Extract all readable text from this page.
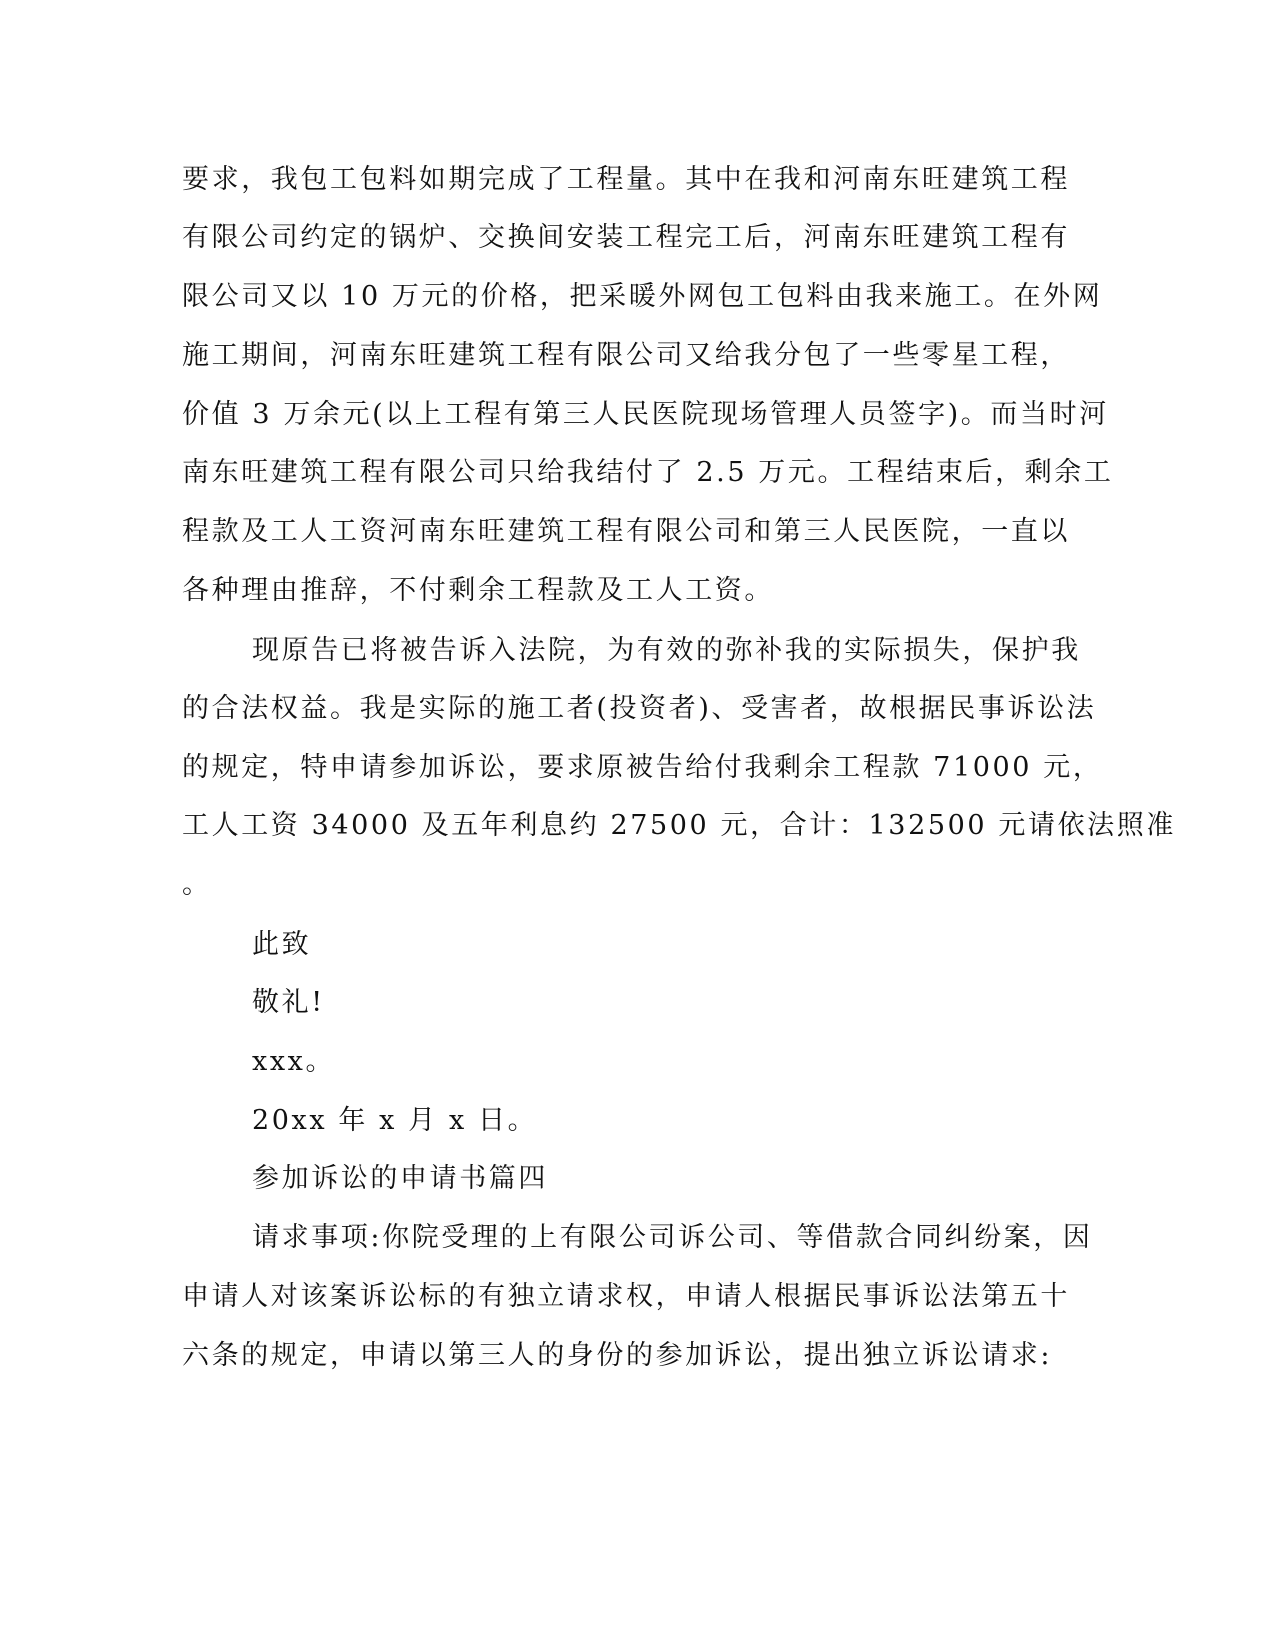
要求，我包工包料如期完成了工程量。其中在我和河南东旺建筑工程
有限公司约定的锅炉、交换间安装工程完工后，河南东旺建筑工程有
限公司又以 10 万元的价格，把采暖外网包工包料由我来施工。在外网
施工期间，河南东旺建筑工程有限公司又给我分包了一些零星工程，
价值 3 万余元(以上工程有第三人民医院现场管理人员签字)。而当时河
南东旺建筑工程有限公司只给我结付了 2.5 万元。工程结束后，剩余工
程款及工人工资河南东旺建筑工程有限公司和第三人民医院，一直以
各种理由推辞，不付剩余工程款及工人工资。
现原告已将被告诉入法院，为有效的弥补我的实际损失，保护我
的合法权益。我是实际的施工者(投资者)、受害者，故根据民事诉讼法
的规定，特申请参加诉讼，要求原被告给付我剩余工程款 71000 元，
工人工资 34000 及五年利息约 27500 元，合计：132500 元请依法照准
。
此致
敬礼!
xxx。
20xx 年 x 月 x 日。
参加诉讼的申请书篇四
请求事项:你院受理的上有限公司诉公司、等借款合同纠纷案，因
申请人对该案诉讼标的有独立请求权，申请人根据民事诉讼法第五十
六条的规定，申请以第三人的身份的参加诉讼，提出独立诉讼请求:
